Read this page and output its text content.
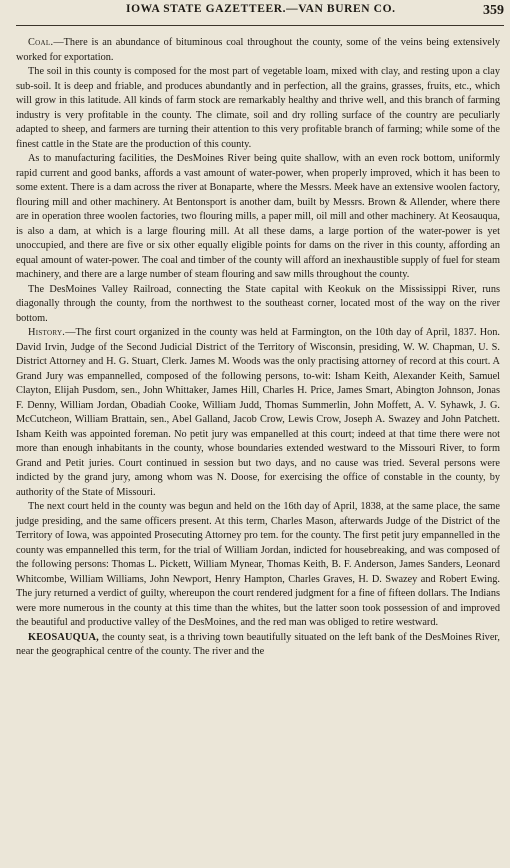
IOWA STATE GAZETTEER.—VAN BUREN CO.	359

Coal.—There is an abundance of bituminous coal throughout the county, some of the veins being extensively worked for exportation.

The soil in this county is composed for the most part of vegetable loam, mixed with clay, and resting upon a clay sub-soil. It is deep and friable, and produces abundantly and in perfection, all the grains, grasses, fruits, etc., which will grow in this latitude. All kinds of farm stock are remarkably healthy and thrive well, and this branch of farming industry is very profitable in the county. The climate, soil and dry rolling surface of the country are peculiarly adapted to sheep, and farmers are turning their attention to this very profitable branch of farming; while some of the finest cattle in the State are the production of this county.

As to manufacturing facilities, the DesMoines River being quite shallow, with an even rock bottom, uniformly rapid current and good banks, affords a vast amount of water-power, when properly improved, which it has been to some extent. There is a dam across the river at Bonaparte, where the Messrs. Meek have an extensive woolen factory, flouring mill and other machinery. At Bentonsport is another dam, built by Messrs. Brown & Allender, where there are in operation three woolen factories, two flouring mills, a paper mill, oil mill and other machinery. At Keosauqua, is also a dam, at which is a large flouring mill. At all these dams, a large portion of the water-power is yet unoccupied, and there are five or six other equally eligible points for dams on the river in this county, affording an equal amount of water-power. The coal and timber of the county will afford an inexhaustible supply of fuel for steam machinery, and there are a large number of steam flouring and saw mills throughout the county.

The DesMoines Valley Railroad, connecting the State capital with Keokuk on the Mississippi River, runs diagonally through the county, from the northwest to the southeast corner, located most of the way on the river bottom.

History.—The first court organized in the county was held at Farmington, on the 10th day of April, 1837. Hon. David Irvin, Judge of the Second Judicial District of the Territory of Wisconsin, presiding, W. W. Chapman, U. S. District Attorney and H. G. Stuart, Clerk. James M. Woods was the only practising attorney of record at this court. A Grand Jury was empannelled, composed of the following persons, to-wit: Isham Keith, Alexander Keith, Samuel Clayton, Elijah Pusdom, sen., John Whittaker, James Hill, Charles H. Price, James Smart, Abington Johnson, Jonas F. Denny, William Jordan, Obadiah Cooke, William Judd, Thomas Summerlin, John Moffett, A. V. Syhawk, J. G. McCutcheon, William Brattain, sen., Abel Galland, Jacob Crow, Lewis Crow, Joseph A. Swazey and John Patchett. Isham Keith was appointed foreman. No petit jury was empanelled at this court; indeed at that time there were not more than enough inhabitants in the county, whose boundaries extended westward to the Missouri River, to form Grand and Petit juries. Court continued in session but two days, and no cause was tried. Several persons were indicted by the grand jury, among whom was N. Doose, for exercising the office of constable in the county, by authority of the State of Missouri.

The next court held in the county was begun and held on the 16th day of April, 1838, at the same place, the same judge presiding, and the same officers present. At this term, Charles Mason, afterwards Judge of the District of the Territory of Iowa, was appointed Prosecuting Attorney pro tem. for the county. The first petit jury empannelled in the county was empannelled this term, for the trial of William Jordan, indicted for housebreaking, and was composed of the following persons: Thomas L. Pickett, William Mynear, Thomas Keith, B. F. Anderson, James Sanders, Leonard Whitcombe, William Williams, John Newport, Henry Hampton, Charles Graves, H. D. Swazey and Robert Ewing. The jury returned a verdict of guilty, whereupon the court rendered judgment for a fine of fifteen dollars. The Indians were more numerous in the county at this time than the whites, but the latter soon took possession of and improved the beautiful and productive valley of the DesMoines, and the red man was obliged to retire westward.

KEOSAUQUA, the county seat, is a thriving town beautifully situated on the left bank of the DesMoines River, near the geographical centre of the county. The river and the
